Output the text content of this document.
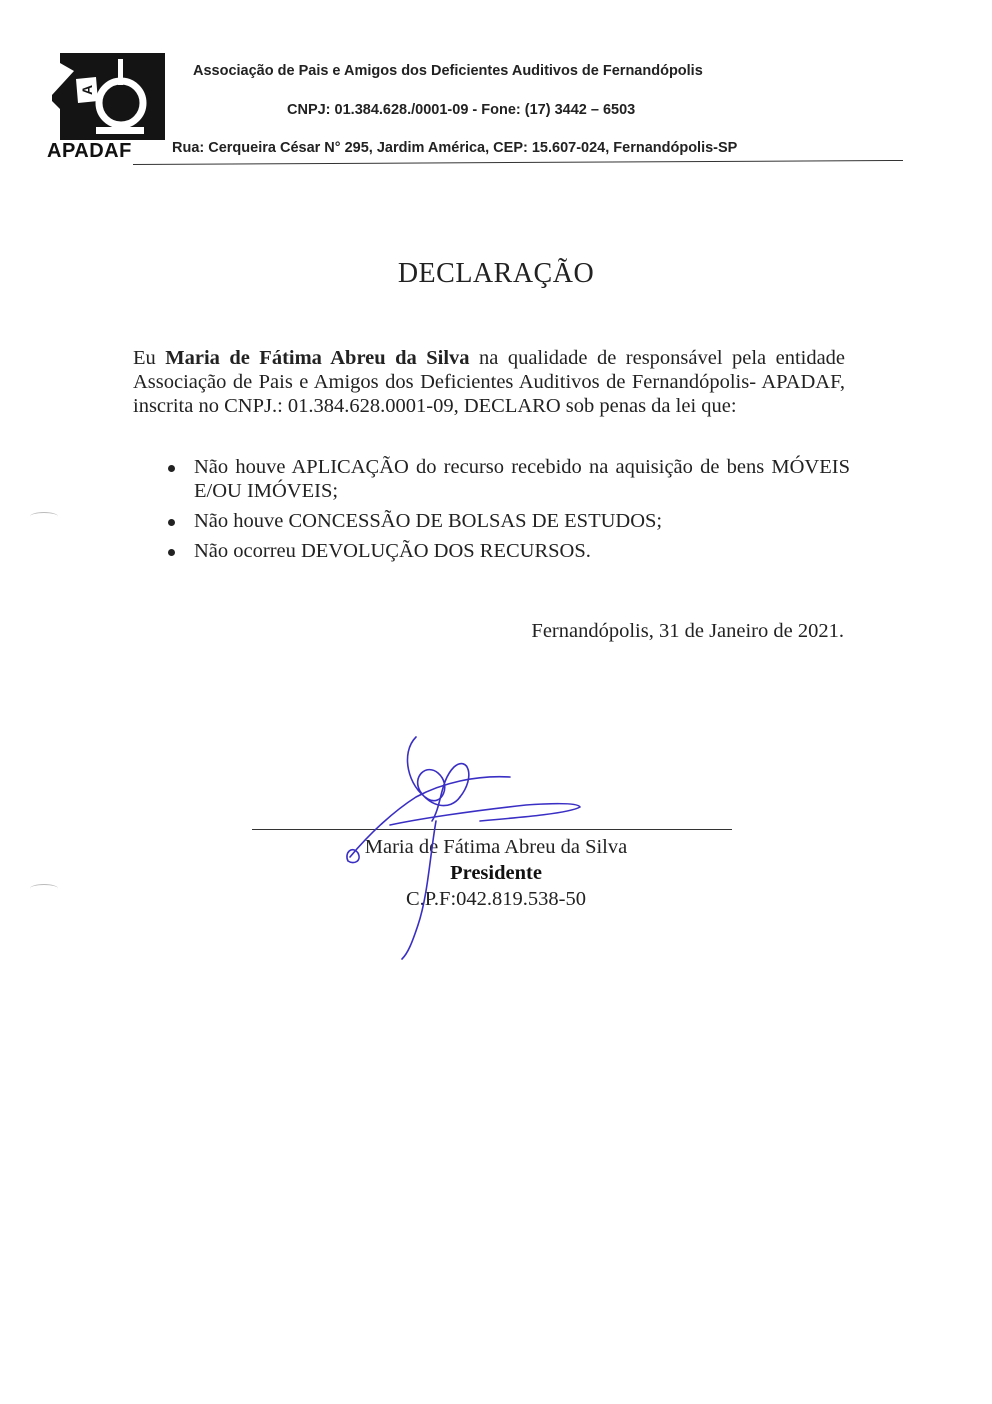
A
APADAF
Associação de Pais e Amigos dos Deficientes Auditivos de Fernandópolis
CNPJ: 01.384.628./0001-09 - Fone: (17) 3442 – 6503
Rua: Cerqueira César N° 295, Jardim América, CEP: 15.607-024, Fernandópolis-SP
DECLARAÇÃO
Eu Maria de Fátima Abreu da Silva na qualidade de responsável pela entidade Associação de Pais e Amigos dos Deficientes Auditivos de Fernandópolis- APADAF, inscrita no CNPJ.: 01.384.628.0001-09, DECLARO sob penas da lei que:
Não houve APLICAÇÃO do recurso recebido na aquisição de bens MÓVEIS E/OU IMÓVEIS;
Não houve CONCESSÃO DE BOLSAS DE ESTUDOS;
Não ocorreu DEVOLUÇÃO DOS RECURSOS.
Fernandópolis, 31 de Janeiro de 2021.
Maria de Fátima Abreu da Silva
Presidente
C.P.F:042.819.538-50
